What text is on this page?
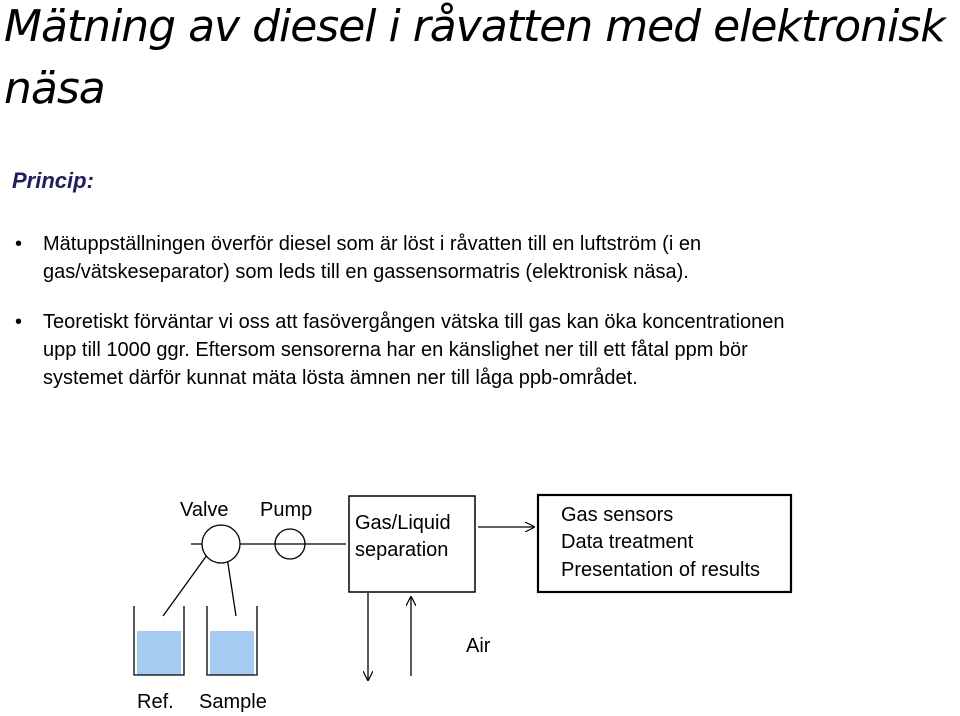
Mätning av diesel i råvatten med elektronisk näsa
Princip:
• Mätuppställningen överför diesel som är löst i råvatten till en luftström (i en
gas/vätskeseparator) som leds till en gassensormatris (elektronisk näsa).
• Teoretiskt förväntar vi oss att fasövergången vätska till gas kan öka koncentrationen
upp till 1000 ggr. Eftersom sensorerna har en känslighet ner till ett fåtal ppm bör
systemet därför kunnat mäta lösta ämnen ner till låga ppb-området.
Valve Pump
Gas/Liquid
separation
Gas sensors
Data treatment
Presentation of results
Air
Ref. Sample
